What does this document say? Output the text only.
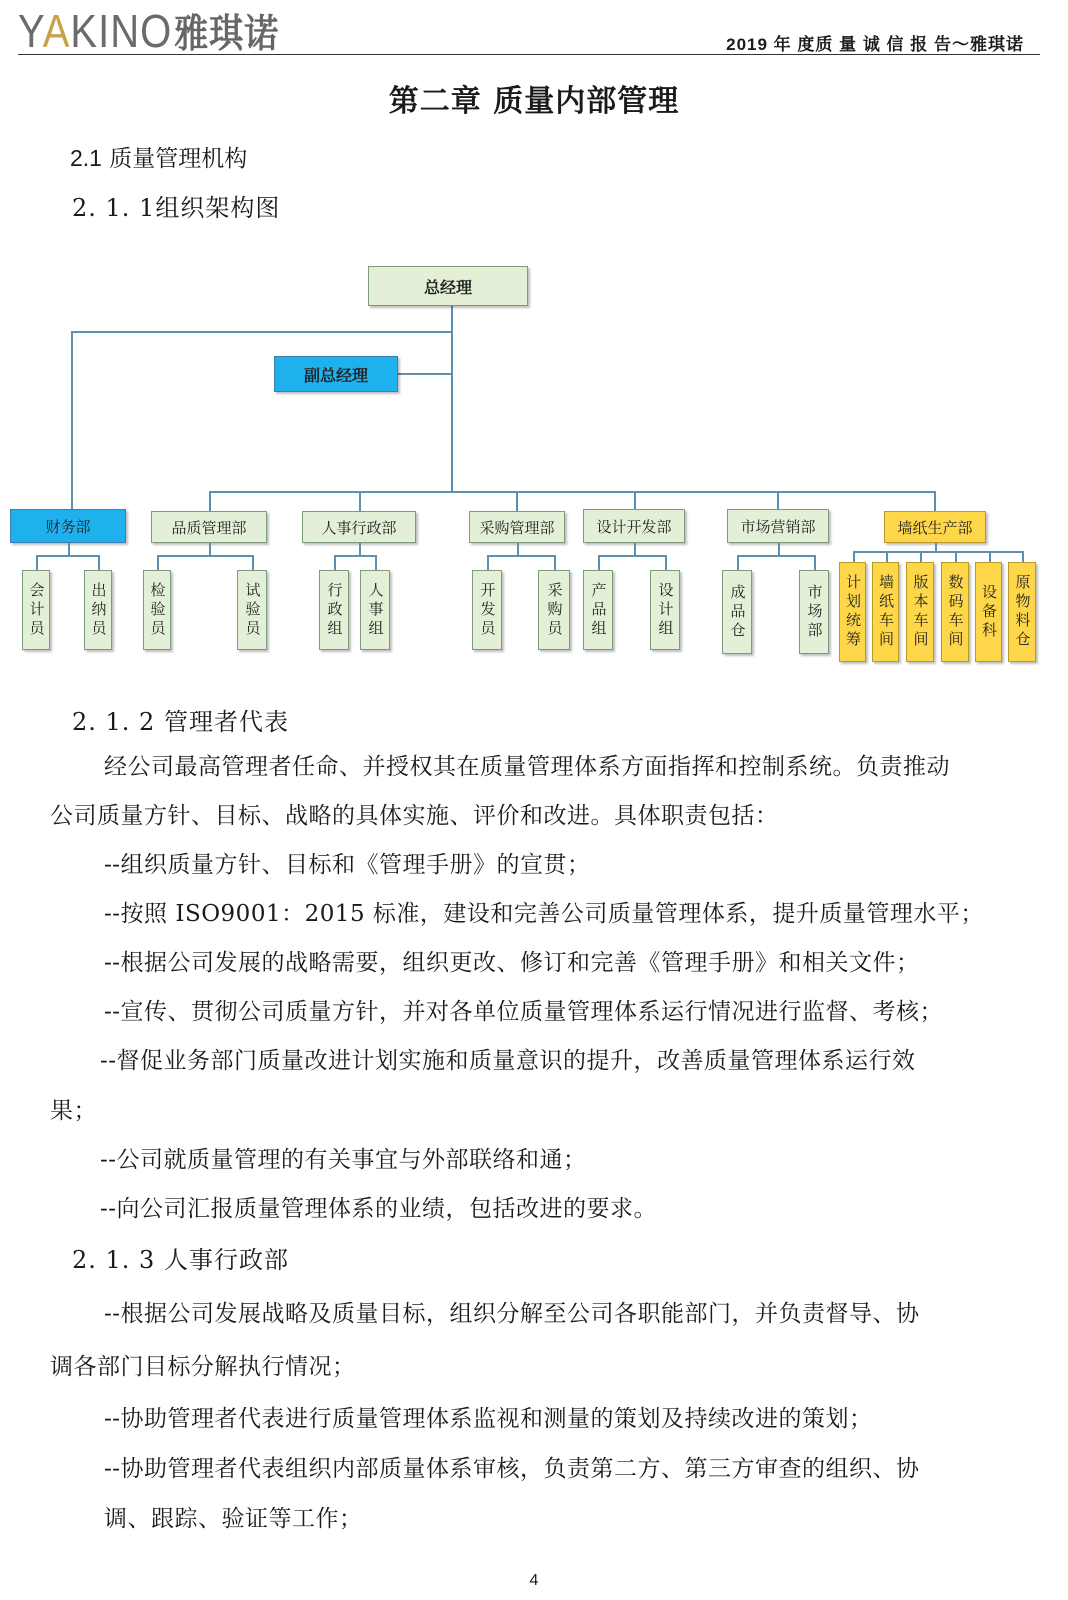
YAKINO雅琪诺	2019 年 度质 量 诚 信 报 告～雅琪诺
第二章 质量内部管理
2.1 质量管理机构
2. 1. 1组织架构图
财务部
会计员	出纳员
品质管理部
检验员	试验员
人事行政部
行政组	人事组
采购管理部
开发员	采购员
设计开发部
产品组	设计组
市场营销部
成品仓	市场部
墙纸生产部
计划统筹	墙纸车间	版本车间	数码车间	设备科	原物料仓
总经理
副总经理
2. 1. 2 管理者代表
经公司最高管理者任命、并授权其在质量管理体系方面指挥和控制系统。负责推动
公司质量方针、目标、战略的具体实施、评价和改进。具体职责包括：
--组织质量方针、目标和《管理手册》的宣贯；
--按照 ISO9001：2015 标准，建设和完善公司质量管理体系，提升质量管理水平；
--根据公司发展的战略需要，组织更改、修订和完善《管理手册》和相关文件；
--宣传、贯彻公司质量方针，并对各单位质量管理体系运行情况进行监督、考核；
--督促业务部门质量改进计划实施和质量意识的提升，改善质量管理体系运行效
果；
--公司就质量管理的有关事宜与外部联络和通；
--向公司汇报质量管理体系的业绩，包括改进的要求。
2. 1. 3 人事行政部
--根据公司发展战略及质量目标，组织分解至公司各职能部门，并负责督导、协
调各部门目标分解执行情况；
--协助管理者代表进行质量管理体系监视和测量的策划及持续改进的策划；
--协助管理者代表组织内部质量体系审核，负责第二方、第三方审查的组织、协
调、跟踪、验证等工作；
4
